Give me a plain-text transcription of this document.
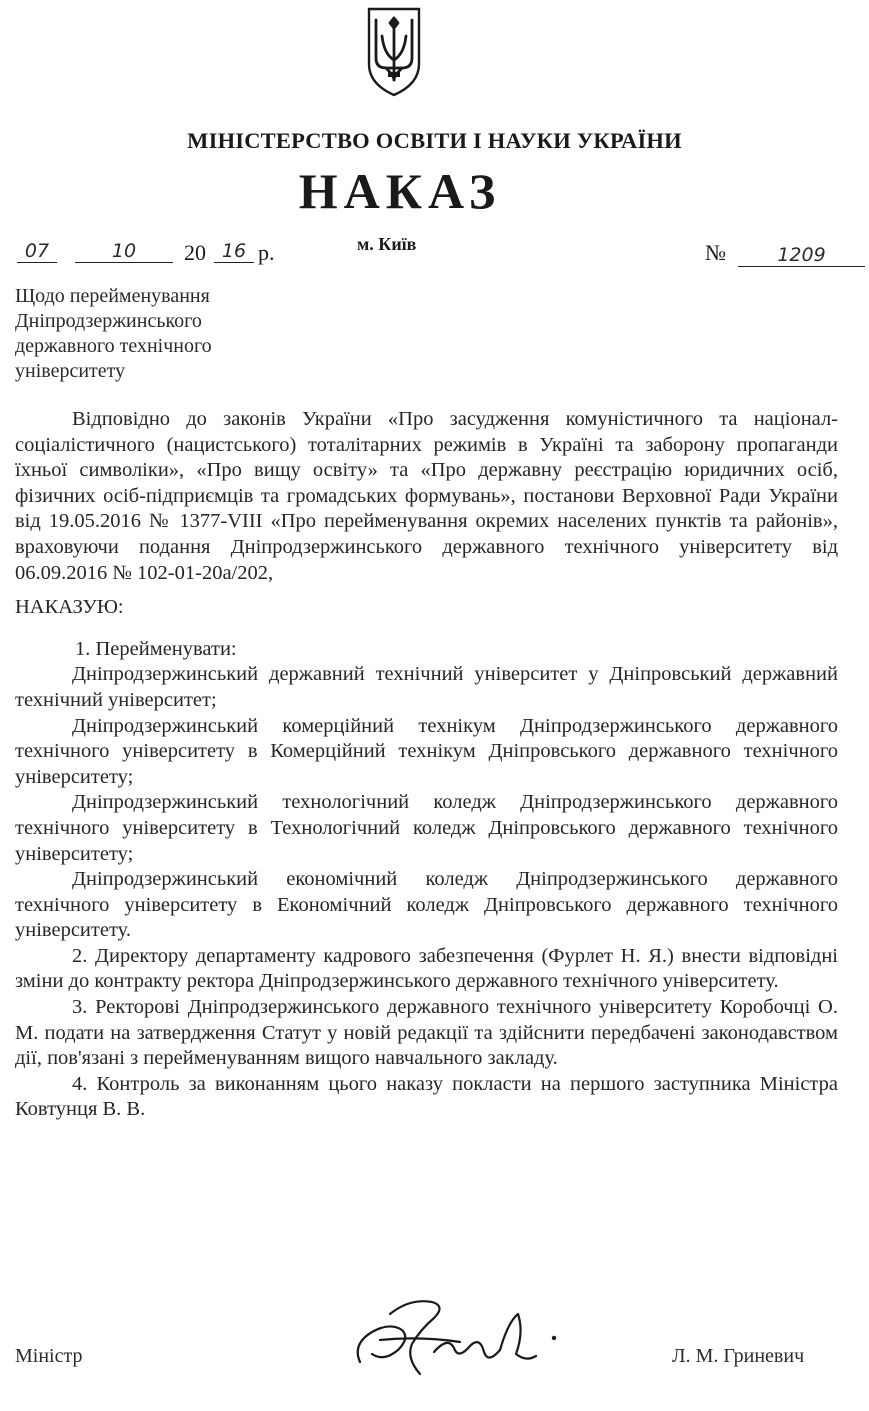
МІНІСТЕРСТВО ОСВІТИ І НАУКИ УКРАЇНИ
НАКАЗ
м. Київ
07	10	20 16 р.	№	1209
Щодо перейменування
Дніпродзержинського
державного технічного
університету

Відповідно до законів України «Про засудження комуністичного та націонал-соціалістичного (нацистського) тоталітарних режимів в Україні та заборону пропаганди їхньої символіки», «Про вищу освіту» та «Про державну реєстрацію юридичних осіб, фізичних осіб-підприємців та громадських формувань», постанови Верховної Ради України від 19.05.2016 № 1377-VIII «Про перейменування окремих населених пунктів та районів», враховуючи подання Дніпродзержинського державного технічного університету від 06.09.2016 № 102-01-20а/202,

НАКАЗУЮ:

1. Перейменувати:

Дніпродзержинський державний технічний університет у Дніпровський державний технічний університет;

Дніпродзержинський комерційний технікум Дніпродзержинського державного технічного університету в Комерційний технікум Дніпровського державного технічного університету;

Дніпродзержинський технологічний коледж Дніпродзержинського державного технічного університету в Технологічний коледж Дніпровського державного технічного університету;

Дніпродзержинський економічний коледж Дніпродзержинського державного технічного університету в Економічний коледж Дніпровського державного технічного університету.

2. Директору департаменту кадрового забезпечення (Фурлет Н. Я.) внести відповідні зміни до контракту ректора Дніпродзержинського державного технічного університету.

3. Ректорові Дніпродзержинського державного технічного університету Коробочці О. М. подати на затвердження Статут у новій редакції та здійснити передбачені законодавством дії, пов'язані з перейменуванням вищого навчального закладу.

4. Контроль за виконанням цього наказу покласти на першого заступника Міністра Ковтунця В. В.

Міністр	Л. М. Гриневич
